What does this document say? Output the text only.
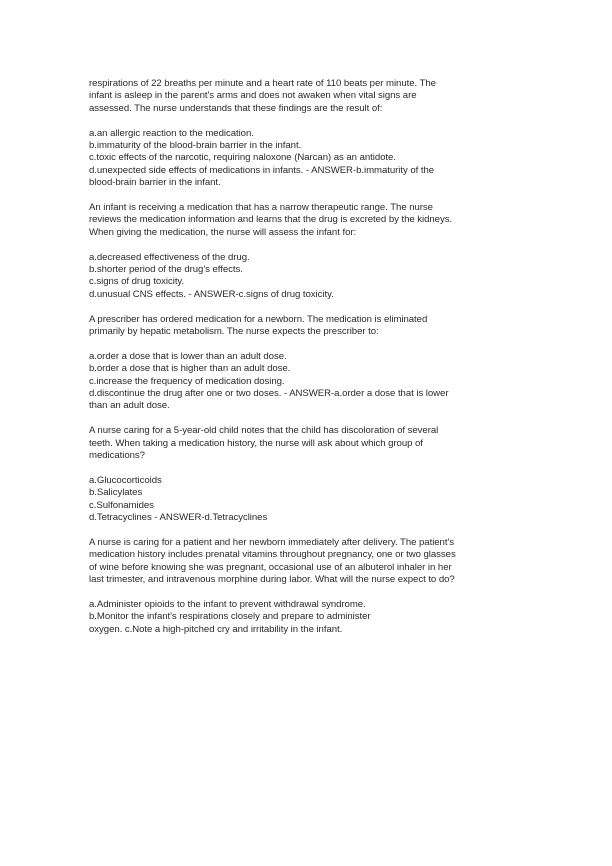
respirations of 22 breaths per minute and a heart rate of 110 beats per minute. The
infant is asleep in the parent's arms and does not awaken when vital signs are
assessed. The nurse understands that these findings are the result of:
a.an allergic reaction to the medication.
b.immaturity of the blood-brain barrier in the infant.
c.toxic effects of the narcotic, requiring naloxone (Narcan) as an antidote.
d.unexpected side effects of medications in infants. - ANSWER-b.immaturity of the
blood-brain barrier in the infant.
An infant is receiving a medication that has a narrow therapeutic range. The nurse
reviews the medication information and learns that the drug is excreted by the kidneys.
When giving the medication, the nurse will assess the infant for:
a.decreased effectiveness of the drug.
b.shorter period of the drug's effects.
c.signs of drug toxicity.
d.unusual CNS effects. - ANSWER-c.signs of drug toxicity.
A prescriber has ordered medication for a newborn. The medication is eliminated
primarily by hepatic metabolism. The nurse expects the prescriber to:
a.order a dose that is lower than an adult dose.
b.order a dose that is higher than an adult dose.
c.increase the frequency of medication dosing.
d.discontinue the drug after one or two doses. - ANSWER-a.order a dose that is lower
than an adult dose.
A nurse caring for a 5-year-old child notes that the child has discoloration of several
teeth. When taking a medication history, the nurse will ask about which group of
medications?
a.Glucocorticoids
b.Salicylates
c.Sulfonamides
d.Tetracyclines - ANSWER-d.Tetracyclines
A nurse is caring for a patient and her newborn immediately after delivery. The patient's
medication history includes prenatal vitamins throughout pregnancy, one or two glasses
of wine before knowing she was pregnant, occasional use of an albuterol inhaler in her
last trimester, and intravenous morphine during labor. What will the nurse expect to do?
a.Administer opioids to the infant to prevent withdrawal syndrome.
b.Monitor the infant's respirations closely and prepare to administer
oxygen. c.Note a high-pitched cry and irritability in the infant.
